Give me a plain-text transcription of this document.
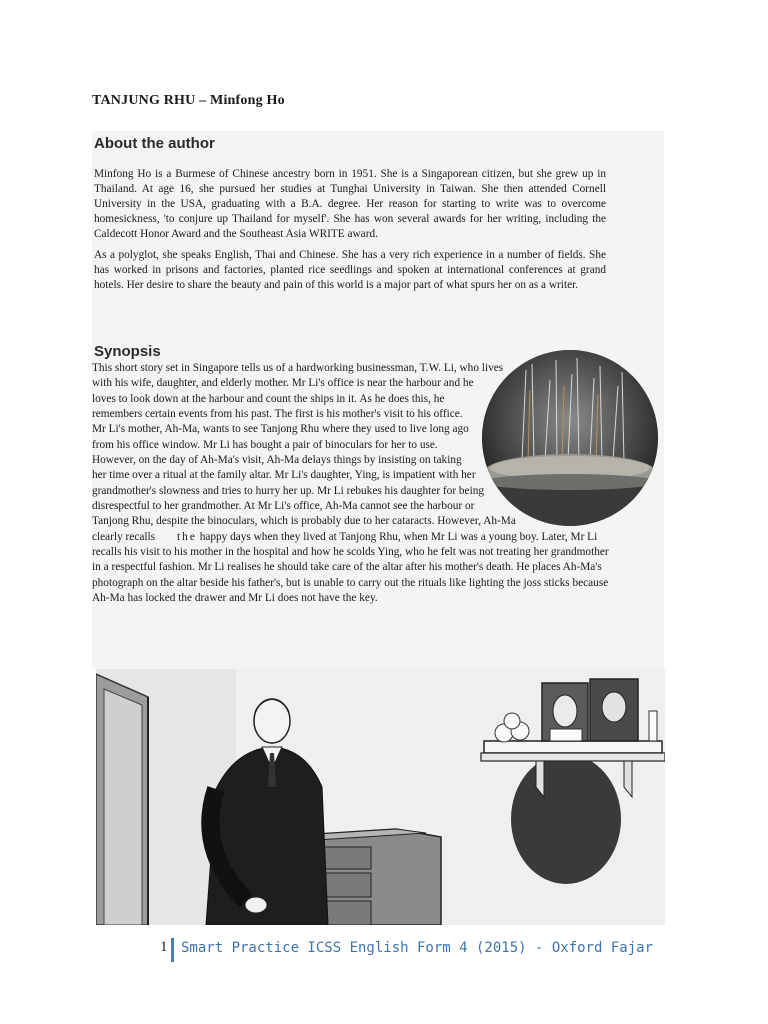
TANJUNG RHU – Minfong Ho
About the author

Minfong Ho is a Burmese of Chinese ancestry born in 1951. She is a Singaporean citizen, but she grew up in Thailand. At age 16, she pursued her studies at Tunghai University in Taiwan. She then attended Cornell University in the USA, graduating with a B.A. degree. Her reason for starting to write was to overcome homesickness, 'to conjure up Thailand for myself'. She has won several awards for her writing, including the Caldecott Honor Award and the Southeast Asia WRITE award.

As a polyglot, she speaks English, Thai and Chinese. She has a very rich experience in a number of fields. She has worked in prisons and factories, planted rice seedlings and spoken at international conferences at grand hotels. Her desire to share the beauty and pain of this world is a major part of what spurs her on as a writer.

Synopsis
This short story set in Singapore tells us of a hardworking businessman, T.W. Li, who lives with his wife, daughter, and elderly mother. Mr Li's office is near the harbour and he loves to look down at the harbour and count the ships in it. As he does this, he remembers certain events from his past. The first is his mother's visit to his office. Mr Li's mother, Ah-Ma, wants to see Tanjong Rhu where they used to live long ago from his office window. Mr Li has bought a pair of binoculars for her to use. However, on the day of Ah-Ma's visit, Ah-Ma delays things by insisting on taking her time over a ritual at the family altar. Mr Li's daughter, Ying, is impatient with her grandmother's slowness and tries to hurry her up. Mr Li rebukes his daughter for being disrespectful to her grandmother. At Mr Li's office, Ah-Ma cannot see the harbour or Tanjong Rhu, despite the binoculars, which is probably due to her cataracts. However, Ah-Ma clearly recalls the happy days when they lived at Tanjong Rhu, when Mr Li was a young boy. Later, Mr Li recalls his visit to his mother in the hospital and how he scolds Ying, who he felt was not treating her grandmother in a respectful fashion. Mr Li realises he should take care of the altar after his mother's death. He places Ah-Ma's photograph on the altar beside his father's, but is unable to carry out the rituals like lighting the joss sticks because Ah-Ma has locked the drawer and Mr Li does not have the key.
1 Smart Practice ICSS English Form 4 (2015) - Oxford Fajar
